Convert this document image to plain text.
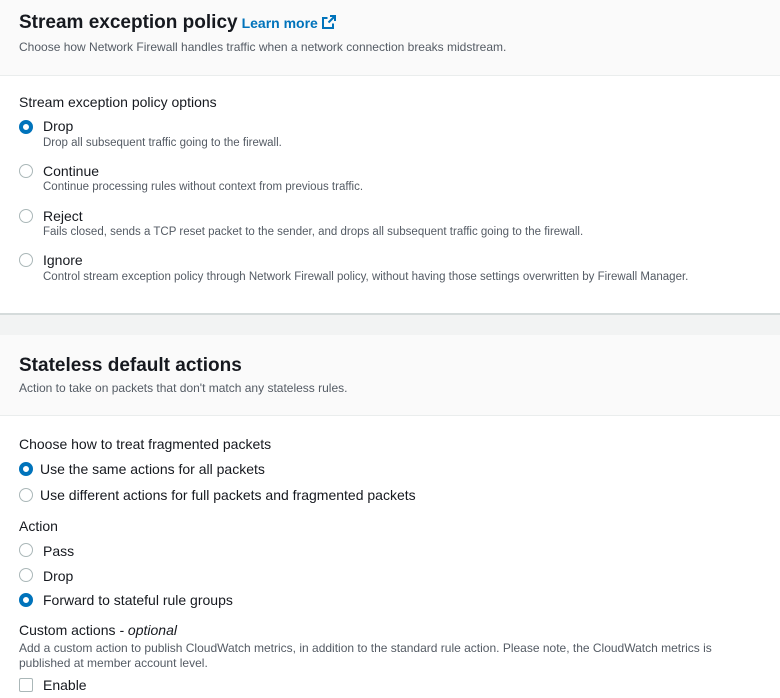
Stream exception policy Learn more
Choose how Network Firewall handles traffic when a network connection breaks midstream.
Stream exception policy options
Drop
Drop all subsequent traffic going to the firewall.
Continue
Continue processing rules without context from previous traffic.
Reject
Fails closed, sends a TCP reset packet to the sender, and drops all subsequent traffic going to the firewall.
Ignore
Control stream exception policy through Network Firewall policy, without having those settings overwritten by Firewall Manager.
Stateless default actions
Action to take on packets that don't match any stateless rules.
Choose how to treat fragmented packets
Use the same actions for all packets
Use different actions for full packets and fragmented packets
Action
Pass
Drop
Forward to stateful rule groups
Custom actions - optional
Add a custom action to publish CloudWatch metrics, in addition to the standard rule action. Please note, the CloudWatch metrics is
published at member account level.
Enable
